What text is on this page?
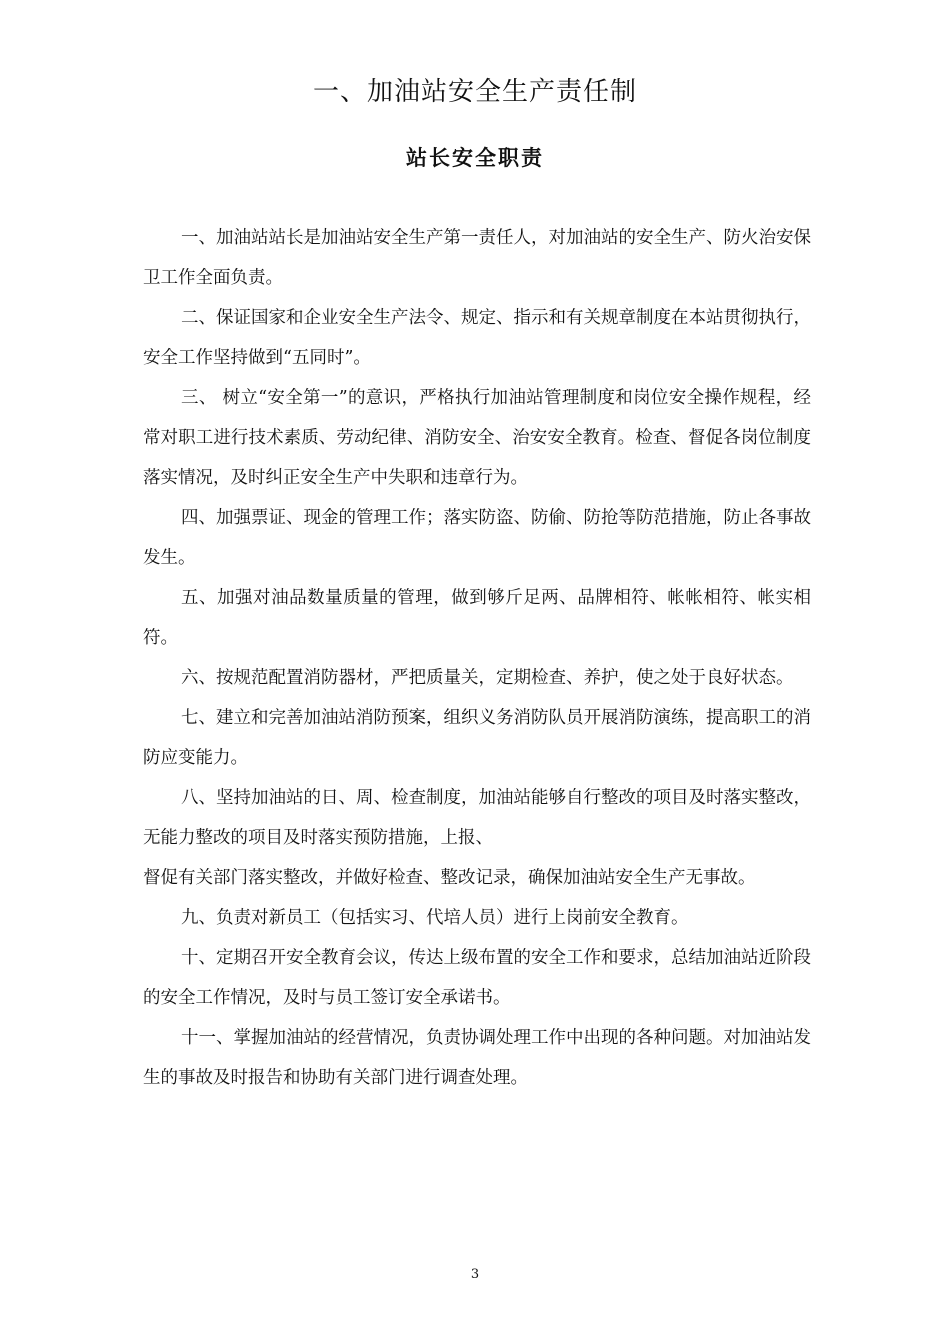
一、加油站安全生产责任制
站长安全职责

一、加油站站长是加油站安全生产第一责任人，对加油站的安全生产、防火治安保卫工作全面负责。

二、保证国家和企业安全生产法令、规定、指示和有关规章制度在本站贯彻执行，安全工作坚持做到“五同时”。

三、 树立“安全第一”的意识，严格执行加油站管理制度和岗位安全操作规程，经常对职工进行技术素质、劳动纪律、消防安全、治安安全教育。检查、督促各岗位制度落实情况，及时纠正安全生产中失职和违章行为。

四、加强票证、现金的管理工作；落实防盗、防偷、防抢等防范措施，防止各事故发生。

五、加强对油品数量质量的管理，做到够斤足两、品牌相符、帐帐相符、帐实相符。

六、按规范配置消防器材，严把质量关，定期检查、养护，使之处于良好状态。

七、建立和完善加油站消防预案，组织义务消防队员开展消防演练，提高职工的消防应变能力。

八、坚持加油站的日、周、检查制度，加油站能够自行整改的项目及时落实整改，无能力整改的项目及时落实预防措施，上报、

督促有关部门落实整改，并做好检查、整改记录，确保加油站安全生产无事故。

九、负责对新员工（包括实习、代培人员）进行上岗前安全教育。

十、定期召开安全教育会议，传达上级布置的安全工作和要求，总结加油站近阶段的安全工作情况，及时与员工签订安全承诺书。

十一、掌握加油站的经营情况，负责协调处理工作中出现的各种问题。对加油站发生的事故及时报告和协助有关部门进行调查处理。

3
